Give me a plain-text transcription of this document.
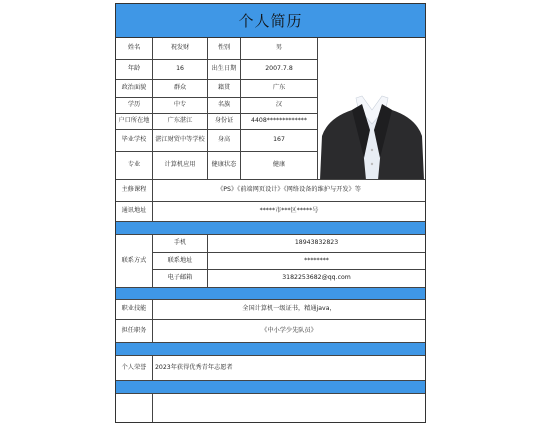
个人简历
姓名	祝发财	性别	男
年龄	16	出生日期	2007.7.8
政治面貌	群众	籍贯	广东
学历	中专	名族	汉
户口所在地	广东湛江	身份证	4408*************
毕业学校	湛江财贸中等学校	身高	167
专业	计算机应用	健康状态	健康
主修课程	《PS》《前端网页设计》《网络设备的维护与开发》等
通讯地址	*****市***区*****号
联系方式
手机	18943832823
联系地址	********
电子邮箱	3182253682@qq.com
职业技能	全国计算机一级证书，精通java，
担任职务	《中小学少先队员》
个人荣誉	2023年获得优秀青年志愿者
